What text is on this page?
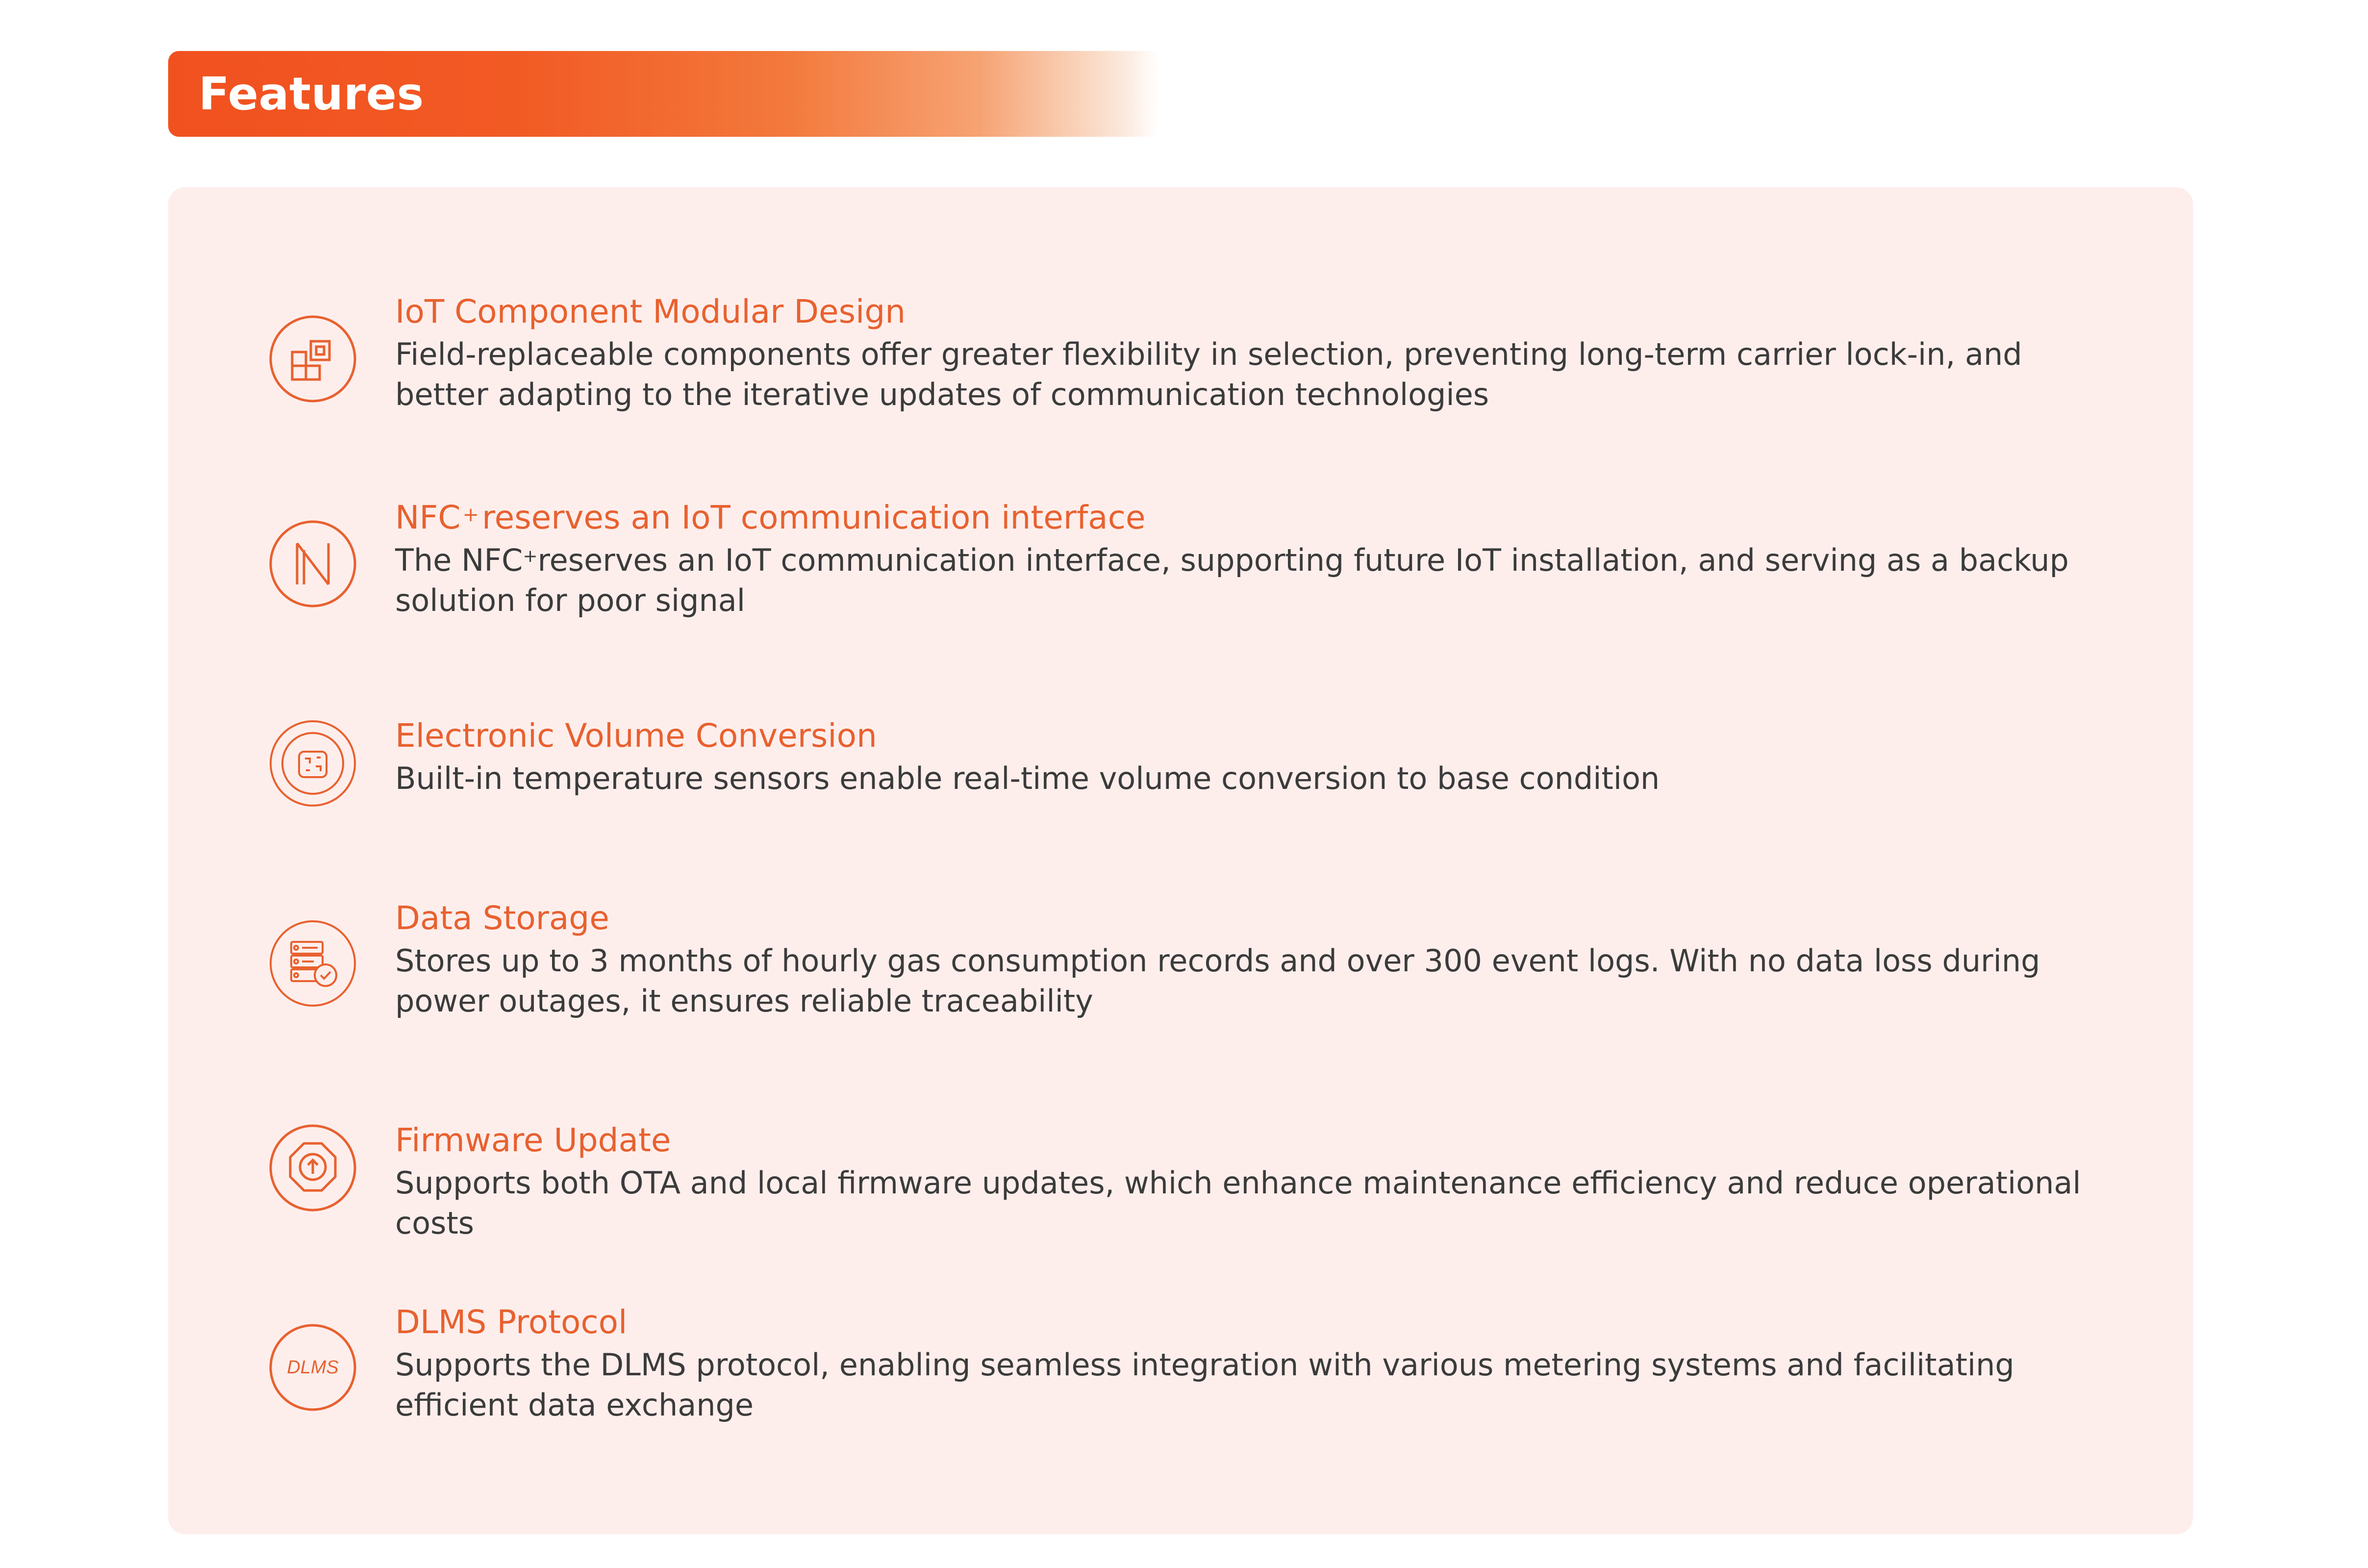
Features
IoT Component Modular Design
Field-replaceable components offer greater flexibility in selection, preventing long-term carrier lock-in, and better adapting to the iterative updates of communication technologies
NFC +reserves an IoT communication interface
The NFC+reserves an IoT communication interface, supporting future IoT installation, and serving as a backup solution for poor signal
Electronic Volume Conversion
Built-in temperature sensors enable real-time volume conversion to base condition
Data Storage
Stores up to 3 months of hourly gas consumption records and over 300 event logs. With no data loss during power outages, it ensures reliable traceability
Firmware Update
Supports both OTA and local firmware updates, which enhance maintenance efficiency and reduce operational costs
DLMS
DLMS Protocol
Supports the DLMS protocol, enabling seamless integration with various metering systems and facilitating efficient data exchange
